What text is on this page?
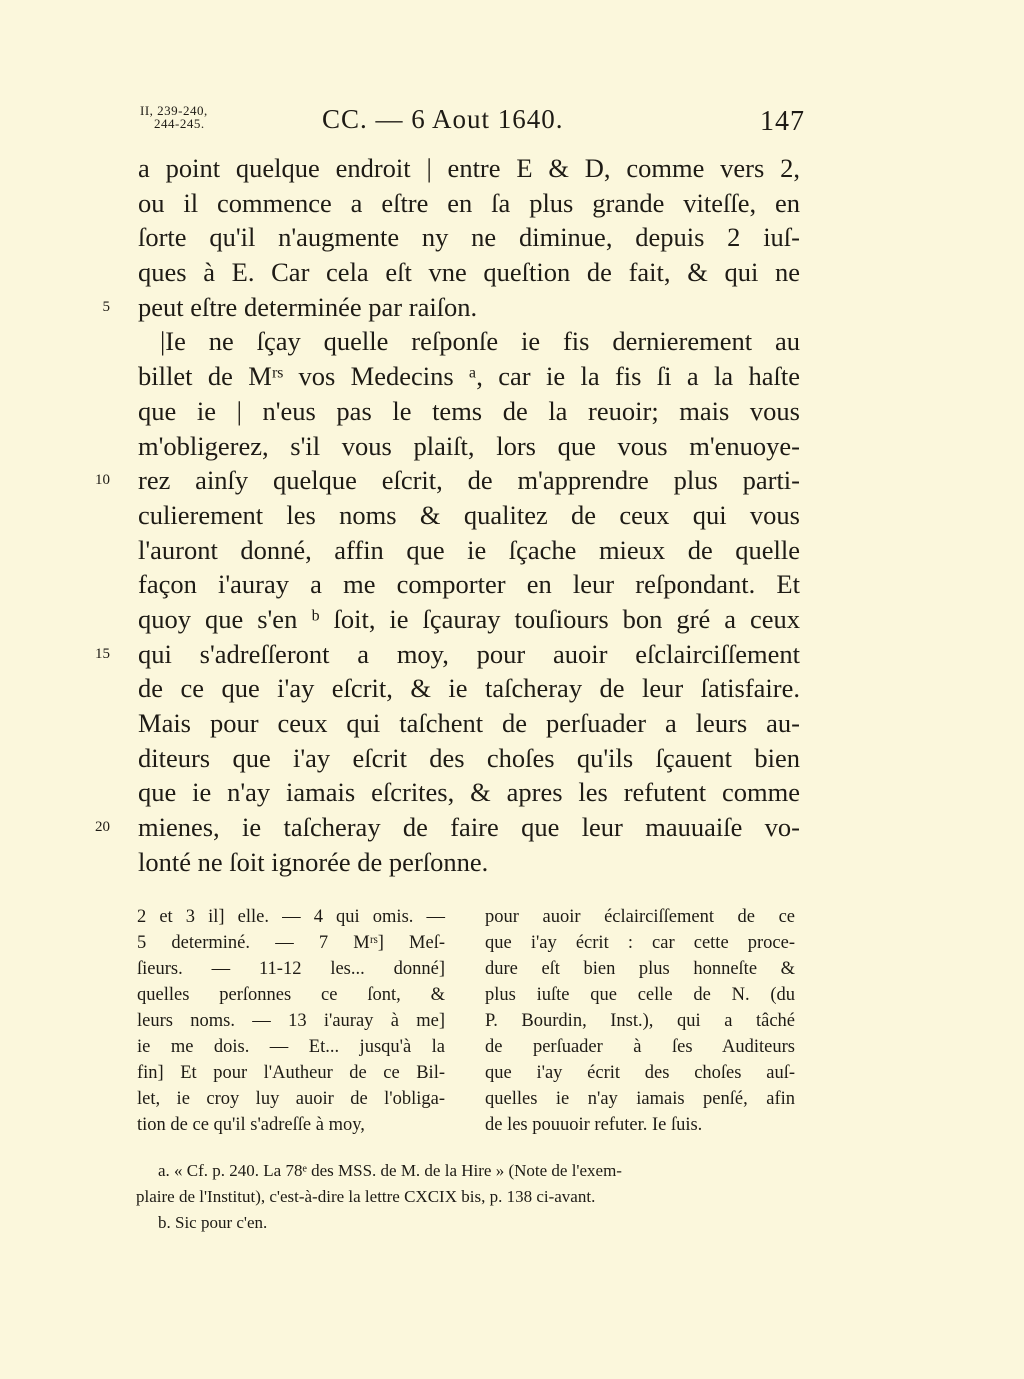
II, 239-240,
244-245.	CC. — 6 Aout 1640.	147
a point quelque endroit | entre E & D, comme vers 2,
ou il commence a eſtre en ſa plus grande viteſſe, en
ſorte qu'il n'augmente ny ne diminue, depuis 2 iuſ-
ques à E. Car cela eſt vne queſtion de fait, & qui ne
5 peut eſtre determinée par raiſon.
|Ie ne ſçay quelle reſponſe ie fis dernierement au
billet de Mʳˢ vos Medecins ᵃ, car ie la fis ſi a la haſte
que ie | n'eus pas le tems de la reuoir; mais vous
m'obligerez, s'il vous plaiſt, lors que vous m'enuoye-
10 rez ainſy quelque eſcrit, de m'apprendre plus parti-
culierement les noms & qualitez de ceux qui vous
l'auront donné, affin que ie ſçache mieux de quelle
façon i'auray a me comporter en leur reſpondant. Et
quoy que s'en ᵇ ſoit, ie ſçauray touſiours bon gré a ceux
15 qui s'adreſſeront a moy, pour auoir eſclairciſſement
de ce que i'ay eſcrit, & ie taſcheray de leur ſatisfaire.
Mais pour ceux qui taſchent de perſuader a leurs au-
diteurs que i'ay eſcrit des choſes qu'ils ſçauent bien
que ie n'ay iamais eſcrites, & apres les refutent comme
20 mienes, ie taſcheray de faire que leur mauuaiſe vo-
lonté ne ſoit ignorée de perſonne.
2 et 3 il] elle. — 4 qui omis. —
5 determiné. — 7 Mʳˢ] Meſ-
ſieurs. — 11-12 les... donné]
quelles perſonnes ce ſont, &
leurs noms. — 13 i'auray à me]
ie me dois. — Et... jusqu'à la
fin] Et pour l'Autheur de ce Bil-
let, ie croy luy auoir de l'obliga-
tion de ce qu'il s'adreſſe à moy,
pour auoir éclairciſſement de ce
que i'ay écrit : car cette proce-
dure eſt bien plus honneſte &
plus iuſte que celle de N. (du
P. Bourdin, Inst.), qui a tâché
de perſuader à ſes Auditeurs
que i'ay écrit des choſes auſ-
quelles ie n'ay iamais penſé, afin
de les pouuoir refuter. Ie ſuis.
a. « Cf. p. 240. La 78ᵉ des MSS. de M. de la Hire » (Note de l'exem-
plaire de l'Institut), c'est-à-dire la lettre CXCIX bis, p. 138 ci-avant.
b. Sic pour c'en.
